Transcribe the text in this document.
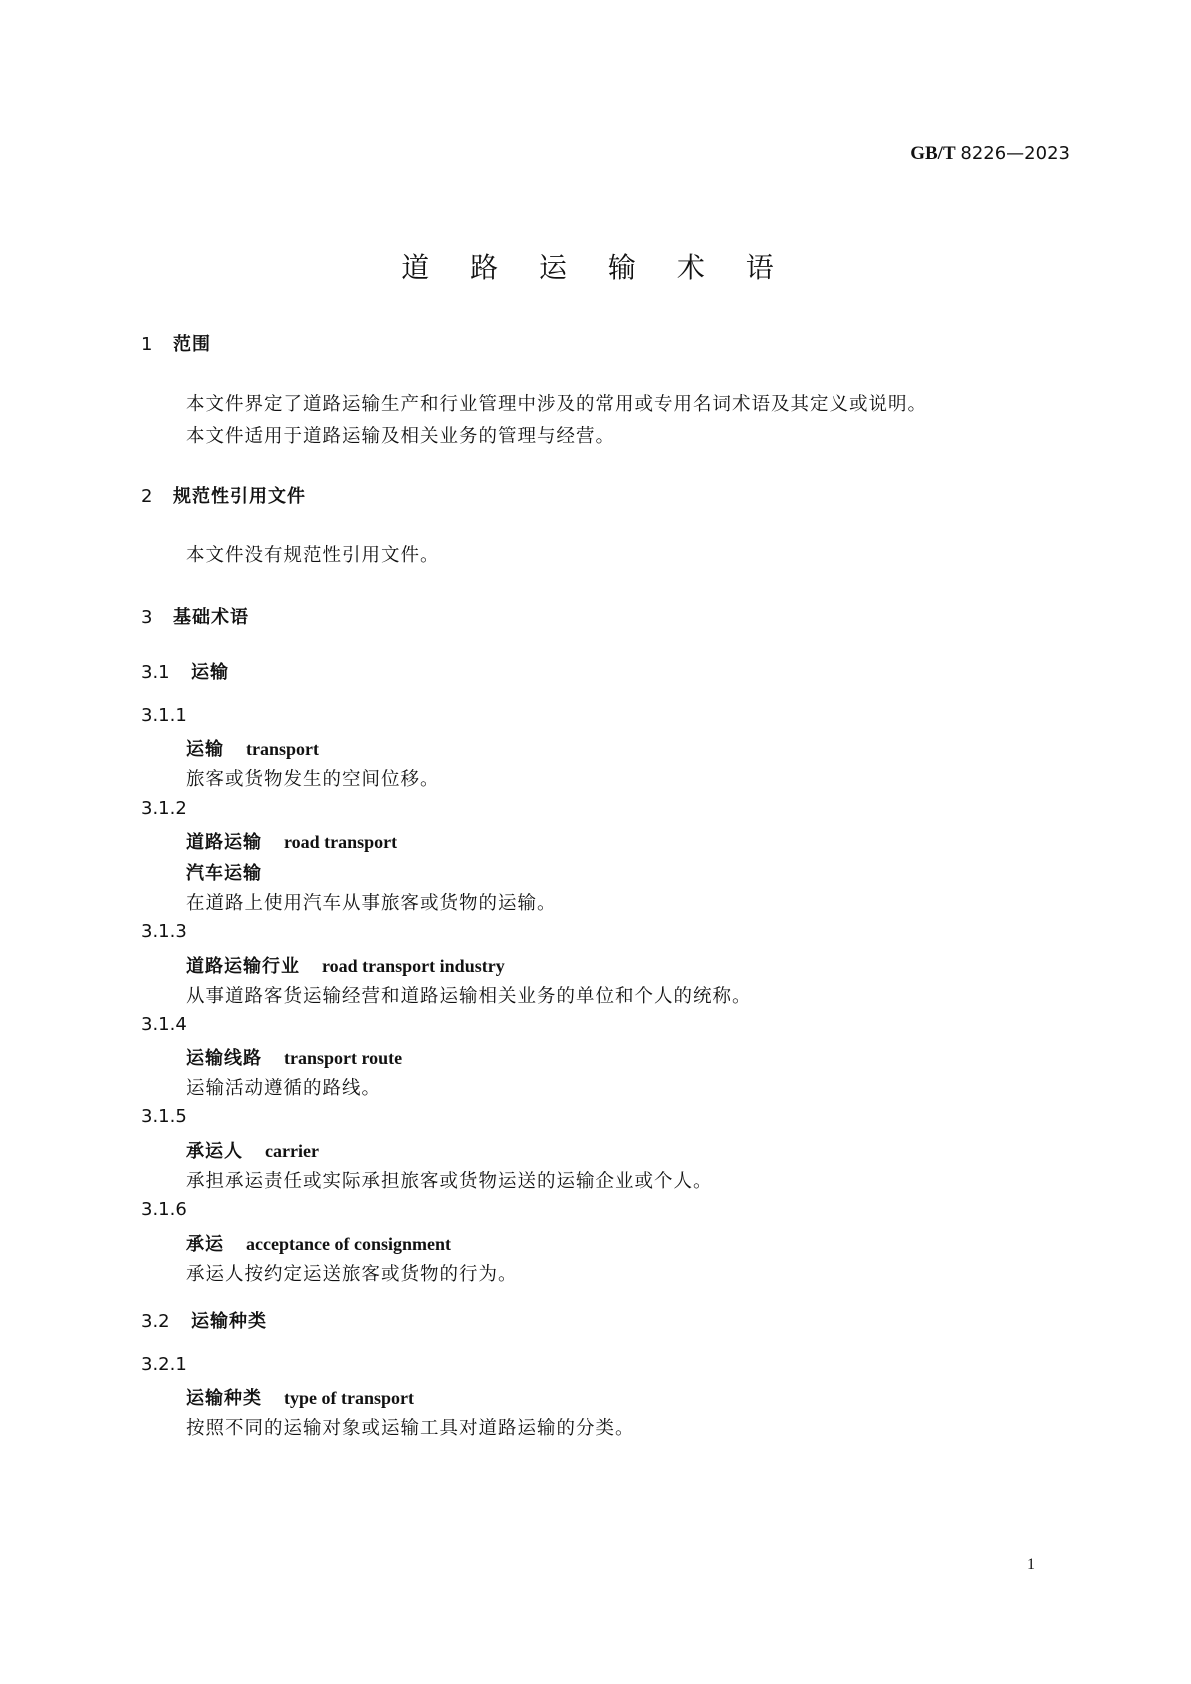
GB/T 8226—2023
道 路 运 输 术 语
1 范围
本文件界定了道路运输生产和行业管理中涉及的常用或专用名词术语及其定义或说明。
本文件适用于道路运输及相关业务的管理与经营。
2 规范性引用文件
本文件没有规范性引用文件。
3 基础术语
3.1 运输
3.1.1
运输 transport
旅客或货物发生的空间位移。
3.1.2
道路运输 road transport
汽车运输
在道路上使用汽车从事旅客或货物的运输。
3.1.3
道路运输行业 road transport industry
从事道路客货运输经营和道路运输相关业务的单位和个人的统称。
3.1.4
运输线路 transport route
运输活动遵循的路线。
3.1.5
承运人 carrier
承担承运责任或实际承担旅客或货物运送的运输企业或个人。
3.1.6
承运 acceptance of consignment
承运人按约定运送旅客或货物的行为。
3.2 运输种类
3.2.1
运输种类 type of transport
按照不同的运输对象或运输工具对道路运输的分类。
1
